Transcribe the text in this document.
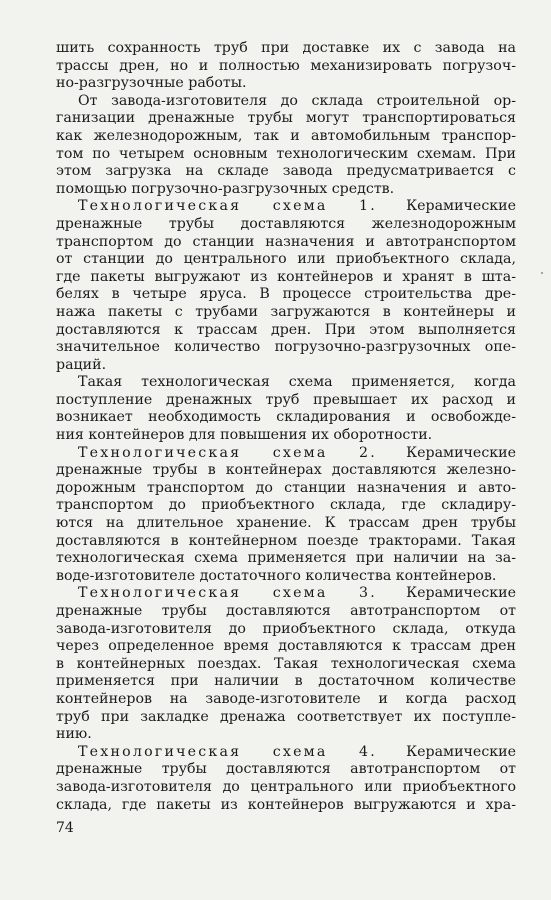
шить сохранность труб при доставке их с завода на
трассы дрен, но и полностью механизировать погрузоч-
но-разгрузочные работы.
От завода-изготовителя до склада строительной ор-
ганизации дренажные трубы могут транспортироваться
как железнодорожным, так и автомобильным транспор-
том по четырем основным технологическим схемам. При
этом загрузка на складе завода предусматривается с
помощью погрузочно-разгрузочных средств.
Технологическая схема 1. Керамические
дренажные трубы доставляются железнодорожным
транспортом до станции назначения и автотранспортом
от станции до центрального или приобъектного склада,
где пакеты выгружают из контейнеров и хранят в шта-
белях в четыре яруса. В процессе строительства дре-
нажа пакеты с трубами загружаются в контейнеры и
доставляются к трассам дрен. При этом выполняется
значительное количество погрузочно-разгрузочных опе-
раций.
Такая технологическая схема применяется, когда
поступление дренажных труб превышает их расход и
возникает необходимость складирования и освобожде-
ния контейнеров для повышения их оборотности.
Технологическая схема 2. Керамические
дренажные трубы в контейнерах доставляются железно-
дорожным транспортом до станции назначения и авто-
транспортом до приобъектного склада, где складиру-
ются на длительное хранение. К трассам дрен трубы
доставляются в контейнерном поезде тракторами. Такая
технологическая схема применяется при наличии на за-
воде-изготовителе достаточного количества контейнеров.
Технологическая схема 3. Керамические
дренажные трубы доставляются автотранспортом от
завода-изготовителя до приобъектного склада, откуда
через определенное время доставляются к трассам дрен
в контейнерных поездах. Такая технологическая схема
применяется при наличии в достаточном количестве
контейнеров на заводе-изготовителе и когда расход
труб при закладке дренажа соответствует их поступле-
нию.
Технологическая схема 4. Керамические
дренажные трубы доставляются автотранспортом от
завода-изготовителя до центрального или приобъектного
склада, где пакеты из контейнеров выгружаются и хра-
74
